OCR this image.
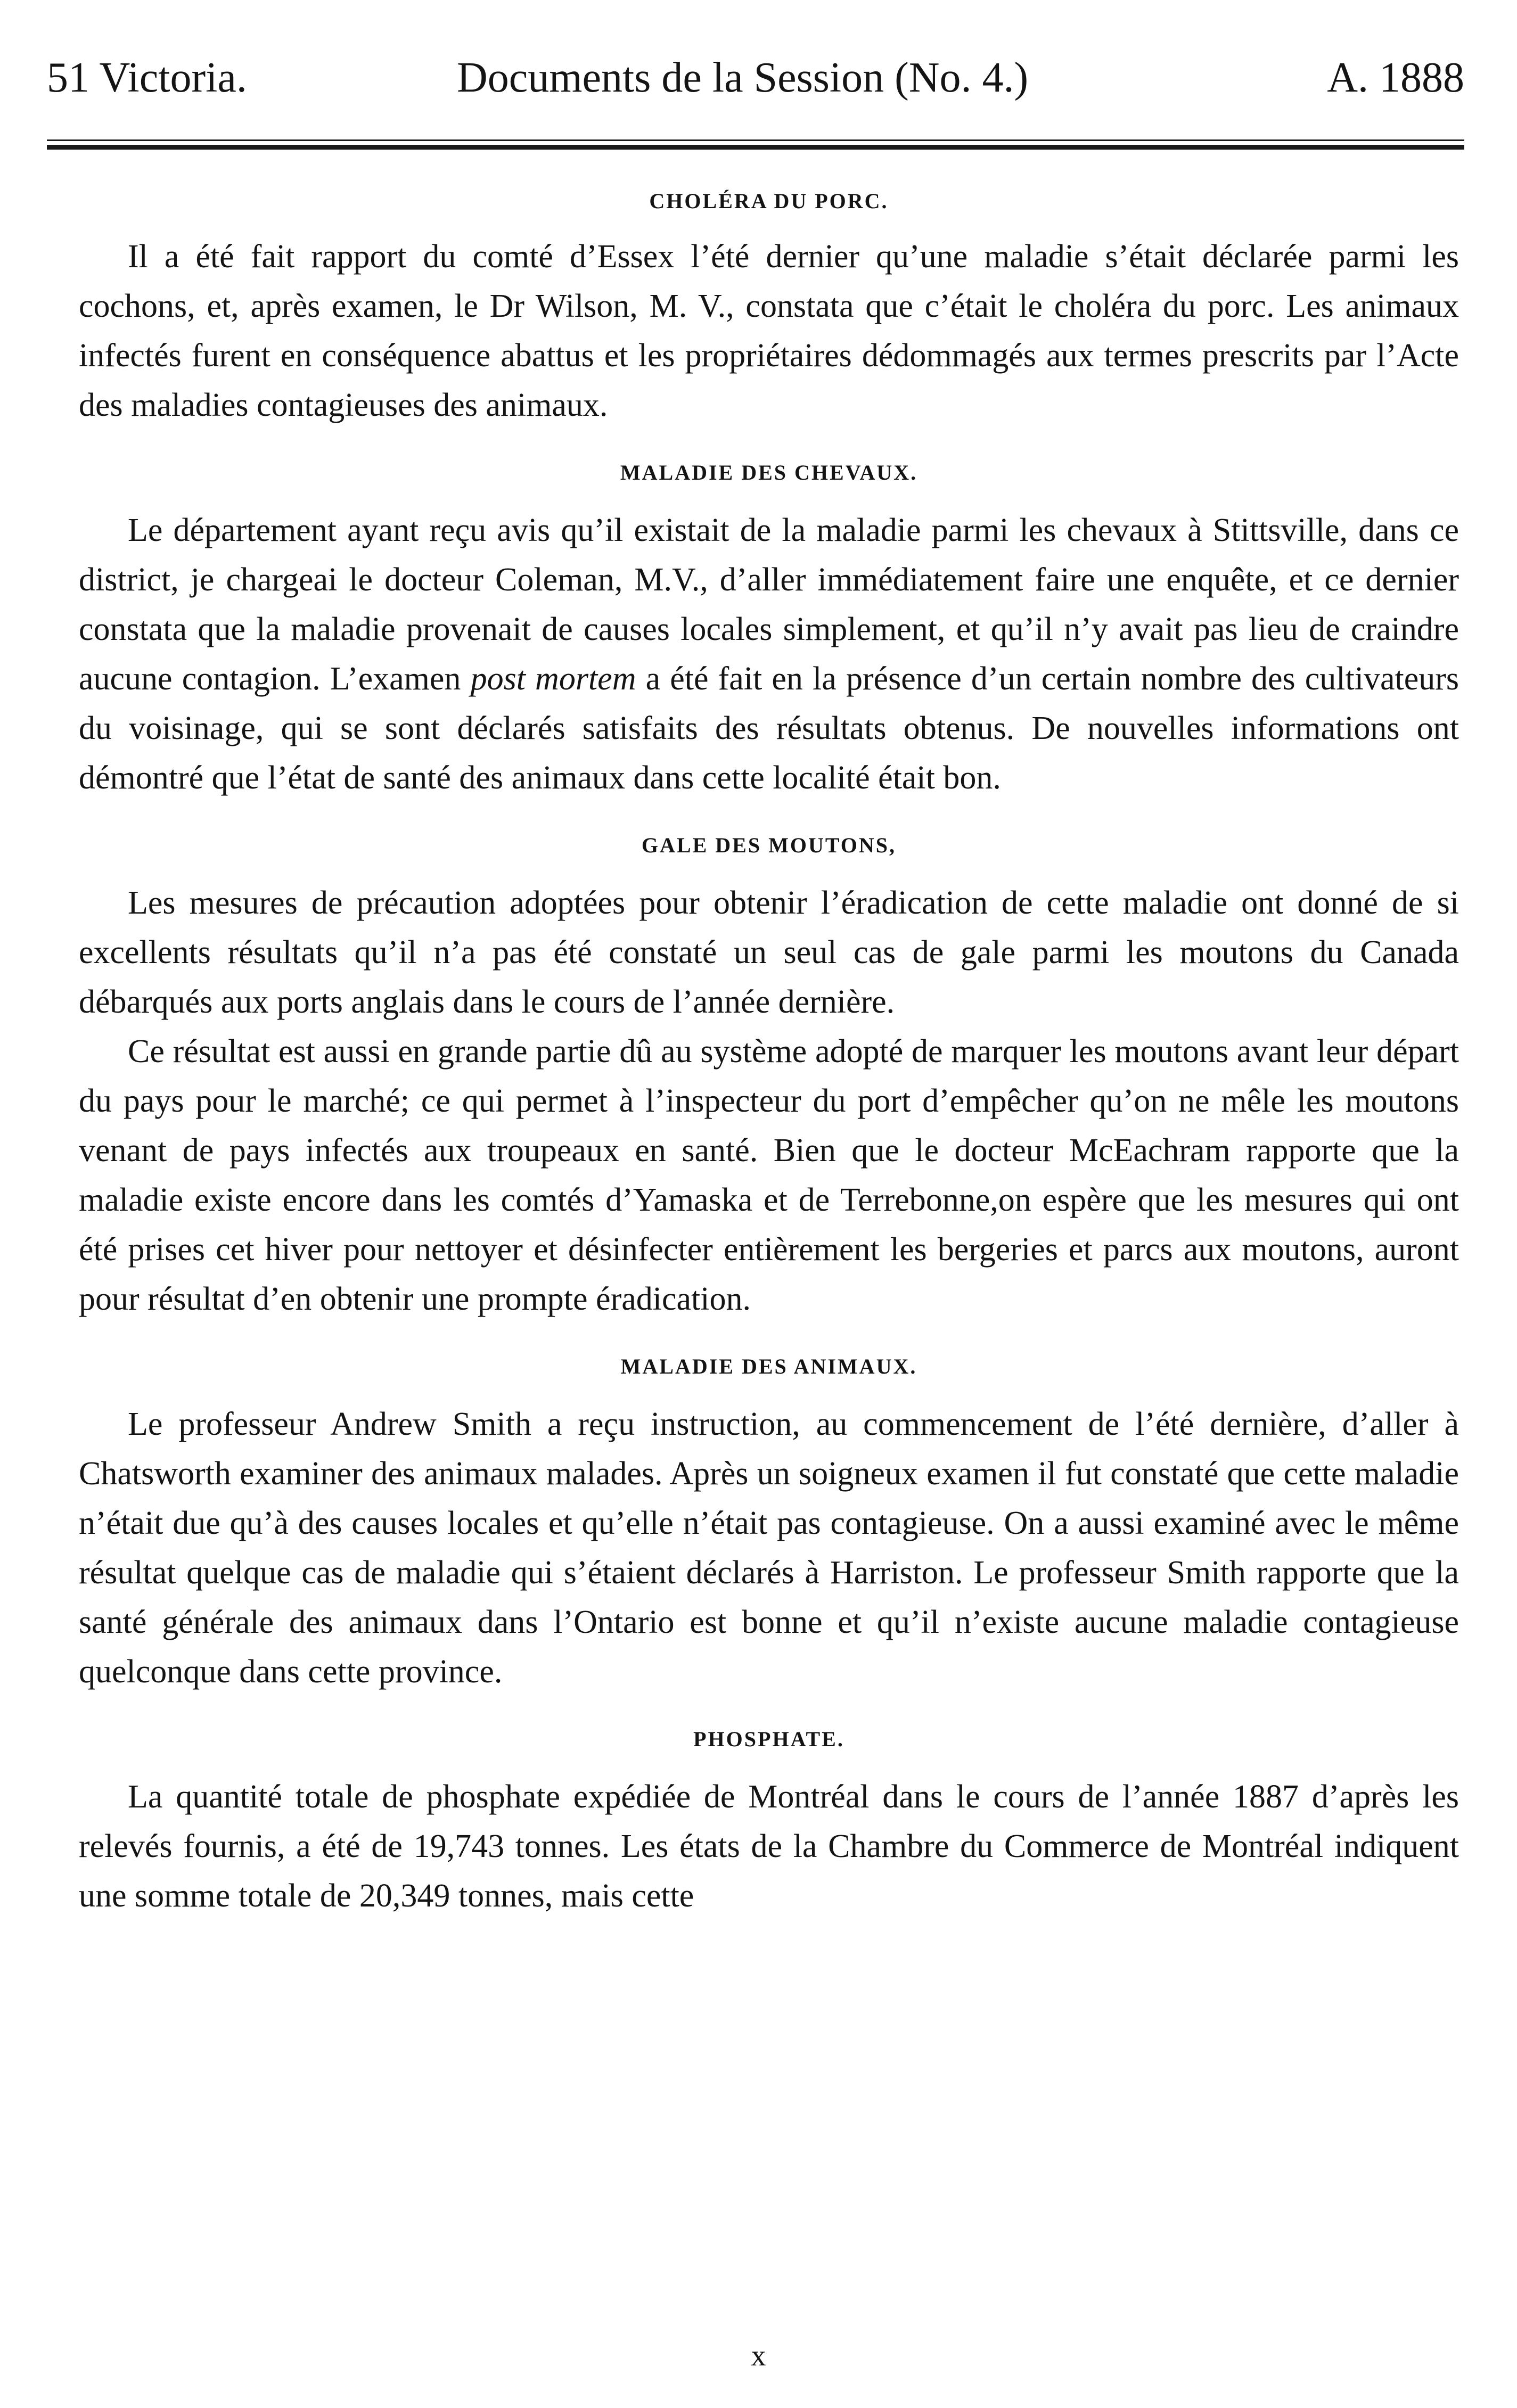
51 Victoria.	Documents de la Session (No. 4.)	A. 1888
CHOLÉRA DU PORC.

Il a été fait rapport du comté d’Essex l’été dernier qu’une maladie s’était déclarée parmi les cochons, et, après examen, le Dr Wilson, M. V., constata que c’était le choléra du porc. Les animaux infectés furent en conséquence abattus et les propriétaires dédommagés aux termes prescrits par l’Acte des maladies contagieuses des animaux.

MALADIE DES CHEVAUX.

Le département ayant reçu avis qu’il existait de la maladie parmi les chevaux à Stittsville, dans ce district, je chargeai le docteur Coleman, M.V., d’aller immédiatement faire une enquête, et ce dernier constata que la maladie provenait de causes locales simplement, et qu’il n’y avait pas lieu de craindre aucune contagion. L’examen post mortem a été fait en la présence d’un certain nombre des cultivateurs du voisinage, qui se sont déclarés satisfaits des résultats obtenus. De nouvelles informations ont démontré que l’état de santé des animaux dans cette localité était bon.

GALE DES MOUTONS,

Les mesures de précaution adoptées pour obtenir l’éradication de cette maladie ont donné de si excellents résultats qu’il n’a pas été constaté un seul cas de gale parmi les moutons du Canada débarqués aux ports anglais dans le cours de l’année dernière.

Ce résultat est aussi en grande partie dû au système adopté de marquer les moutons avant leur départ du pays pour le marché; ce qui permet à l’inspecteur du port d’empêcher qu’on ne mêle les moutons venant de pays infectés aux troupeaux en santé. Bien que le docteur McEachram rapporte que la maladie existe encore dans les comtés d’Yamaska et de Terrebonne,on espère que les mesures qui ont été prises cet hiver pour nettoyer et désinfecter entièrement les bergeries et parcs aux moutons, auront pour résultat d’en obtenir une prompte éradication.

MALADIE DES ANIMAUX.

Le professeur Andrew Smith a reçu instruction, au commencement de l’été dernière, d’aller à Chatsworth examiner des animaux malades. Après un soigneux examen il fut constaté que cette maladie n’était due qu’à des causes locales et qu’elle n’était pas contagieuse. On a aussi examiné avec le même résultat quelque cas de maladie qui s’étaient déclarés à Harriston. Le professeur Smith rapporte que la santé générale des animaux dans l’Ontario est bonne et qu’il n’existe aucune maladie contagieuse quelconque dans cette province.

PHOSPHATE.

La quantité totale de phosphate expédiée de Montréal dans le cours de l’année 1887 d’après les relevés fournis, a été de 19,743 tonnes. Les états de la Chambre du Commerce de Montréal indiquent une somme totale de 20,349 tonnes, mais cette

x
